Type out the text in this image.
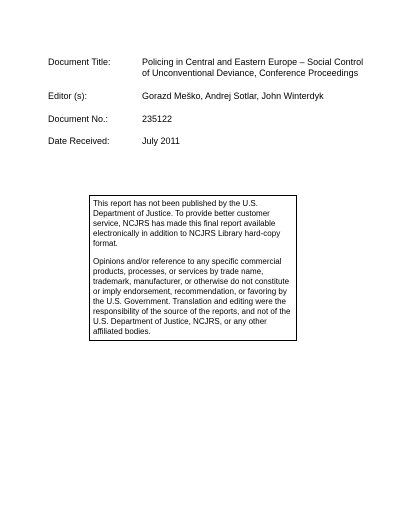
Document Title:	Policing in Central and Eastern Europe – Social Control of Unconventional Deviance, Conference Proceedings
Editor (s):	Gorazd Meško, Andrej Sotlar, John Winterdyk
Document No.:	235122
Date Received:	July 2011

This report has not been published by the U.S. Department of Justice. To provide better customer service, NCJRS has made this final report available electronically in addition to NCJRS Library hard-copy format.

Opinions and/or reference to any specific commercial products, processes, or services by trade name, trademark, manufacturer, or otherwise do not constitute or imply endorsement, recommendation, or favoring by the U.S. Government. Translation and editing were the responsibility of the source of the reports, and not of the U.S. Department of Justice, NCJRS, or any other affiliated bodies.
